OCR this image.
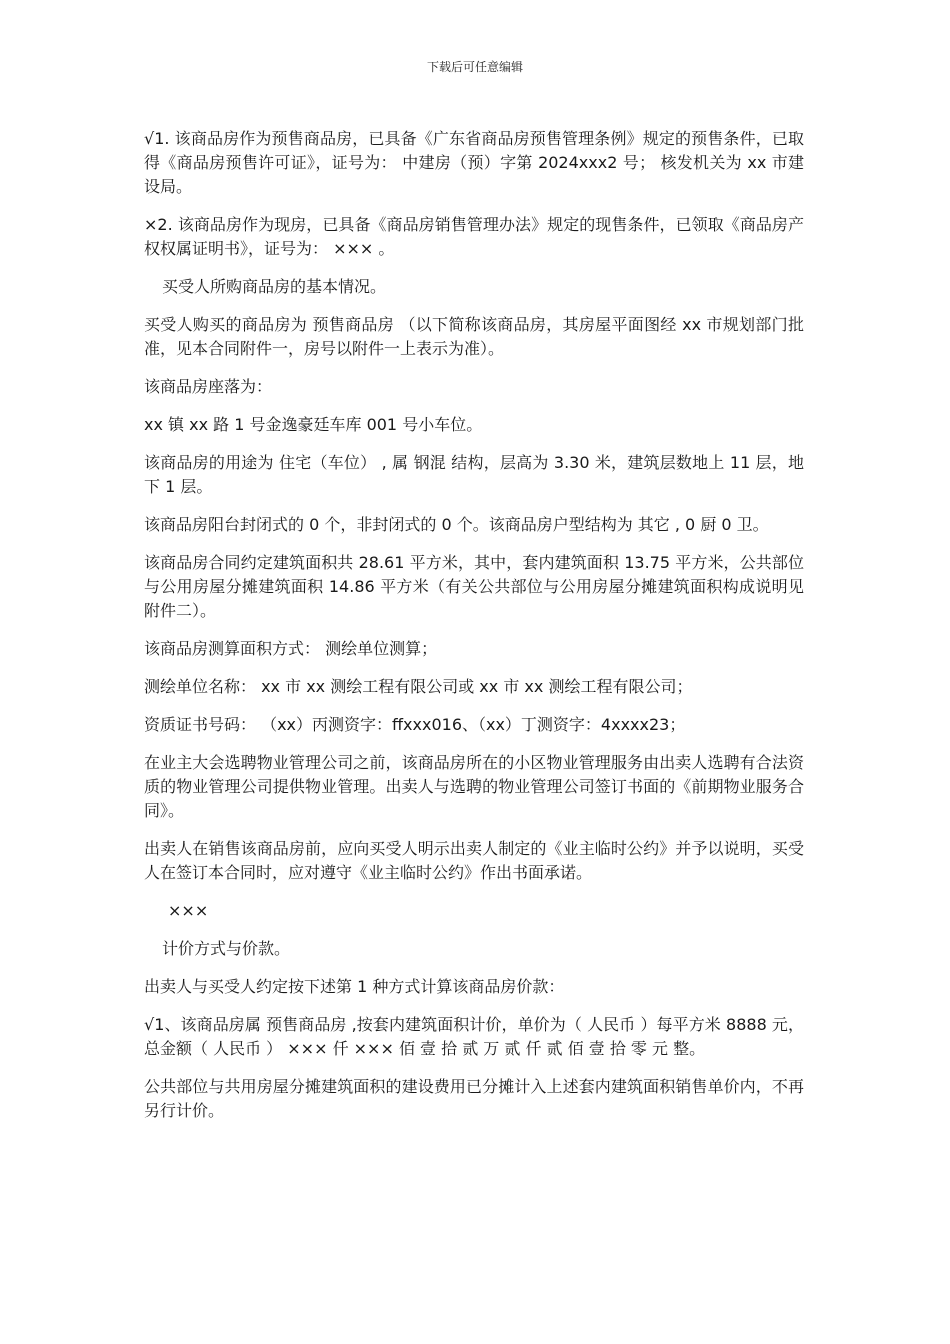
下载后可任意编辑

√1. 该商品房作为预售商品房，已具备《广东省商品房预售管理条例》规定的预售条件，已取得《商品房预售许可证》，证号为： 中建房（预）字第 2024xxx2 号； 核发机关为 xx 市建设局。

×2. 该商品房作为现房，已具备《商品房销售管理办法》规定的现售条件，已领取《商品房产权权属证明书》，证号为： ××× 。

买受人所购商品房的基本情况。

买受人购买的商品房为 预售商品房 （以下简称该商品房，其房屋平面图经 xx 市规划部门批准，见本合同附件一，房号以附件一上表示为准）。

该商品房座落为：

xx 镇 xx 路 1 号金逸豪廷车库 001 号小车位。

该商品房的用途为 住宅（车位） , 属 钢混 结构，层高为 3.30 米，建筑层数地上 11 层，地下 1 层。

该商品房阳台封闭式的 0 个，非封闭式的 0 个。该商品房户型结构为 其它 , 0 厨 0 卫。

该商品房合同约定建筑面积共 28.61 平方米，其中，套内建筑面积 13.75 平方米，公共部位与公用房屋分摊建筑面积 14.86 平方米（有关公共部位与公用房屋分摊建筑面积构成说明见附件二）。

该商品房测算面积方式： 测绘单位测算；

测绘单位名称： xx 市 xx 测绘工程有限公司或 xx 市 xx 测绘工程有限公司；

资质证书号码： （xx）丙测资字：ffxxx016、（xx）丁测资字：4xxxx23；

在业主大会选聘物业管理公司之前，该商品房所在的小区物业管理服务由出卖人选聘有合法资质的物业管理公司提供物业管理。出卖人与选聘的物业管理公司签订书面的《前期物业服务合同》。

出卖人在销售该商品房前，应向买受人明示出卖人制定的《业主临时公约》并予以说明，买受人在签订本合同时，应对遵守《业主临时公约》作出书面承诺。

×××

计价方式与价款。

出卖人与买受人约定按下述第 1 种方式计算该商品房价款：

√1、该商品房属 预售商品房 ,按套内建筑面积计价，单价为（ 人民币 ）每平方米 8888 元，总金额（ 人民币 ） ××× 仟 ××× 佰 壹 拾 贰 万 贰 仟 贰 佰 壹 拾 零 元 整。

公共部位与共用房屋分摊建筑面积的建设费用已分摊计入上述套内建筑面积销售单价内，不再另行计价。
